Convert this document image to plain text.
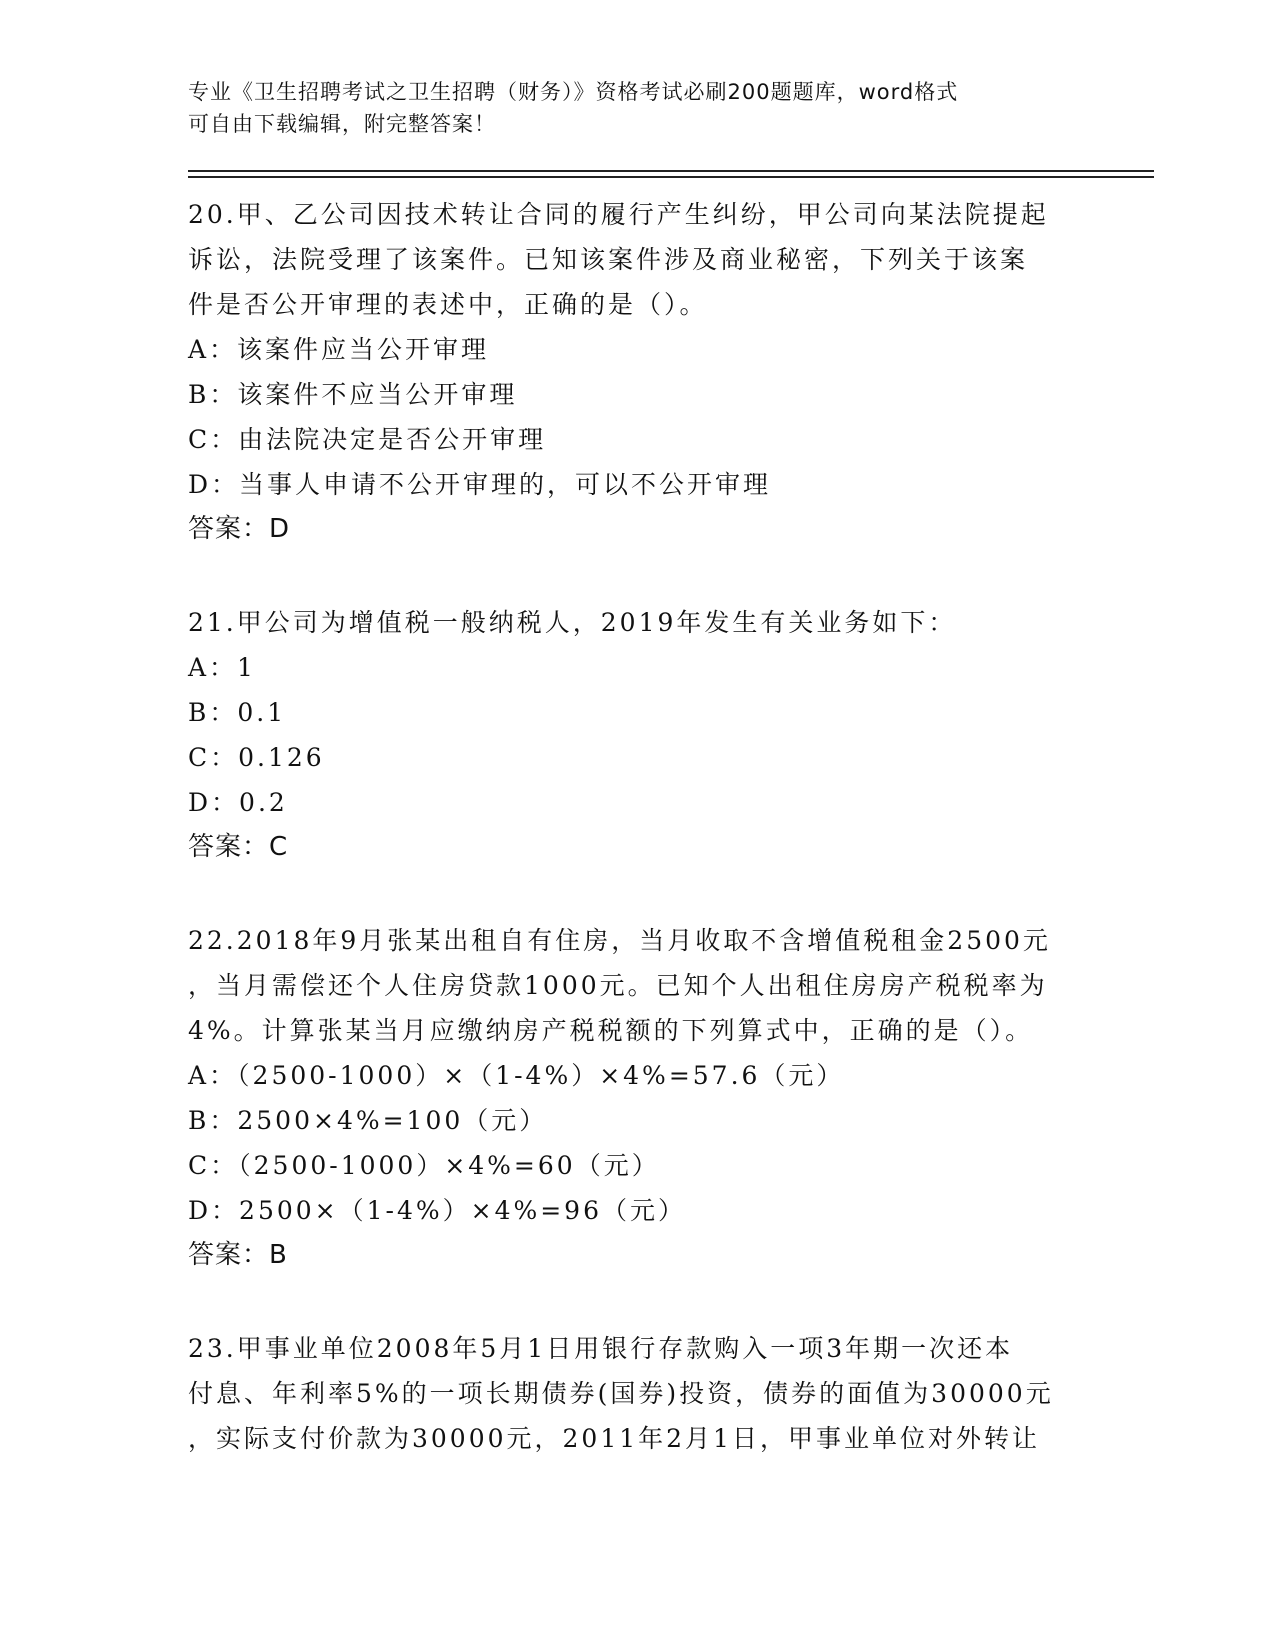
专业《卫生招聘考试之卫生招聘（财务）》资格考试必刷200题题库，word格式
可自由下载编辑，附完整答案！
20.甲、乙公司因技术转让合同的履行产生纠纷，甲公司向某法院提起
诉讼，法院受理了该案件。已知该案件涉及商业秘密，下列关于该案
件是否公开审理的表述中，正确的是（）。
A：该案件应当公开审理
B：该案件不应当公开审理
C：由法院决定是否公开审理
D：当事人申请不公开审理的，可以不公开审理
答案：D
21.甲公司为增值税一般纳税人，2019年发生有关业务如下：
A：1
B：0.1
C：0.126
D：0.2
答案：C
22.2018年9月张某出租自有住房，当月收取不含增值税租金2500元
，当月需偿还个人住房贷款1000元。已知个人出租住房房产税税率为
4%。计算张某当月应缴纳房产税税额的下列算式中，正确的是（）。
A：（2500-1000）×（1-4%）×4%=57.6（元）
B：2500×4%=100（元）
C：（2500-1000）×4%=60（元）
D：2500×（1-4%）×4%=96（元）
答案：B
23.甲事业单位2008年5月1日用银行存款购入一项3年期一次还本
付息、年利率5%的一项长期债券(国券)投资，债券的面值为30000元
，实际支付价款为30000元，2011年2月1日，甲事业单位对外转让
